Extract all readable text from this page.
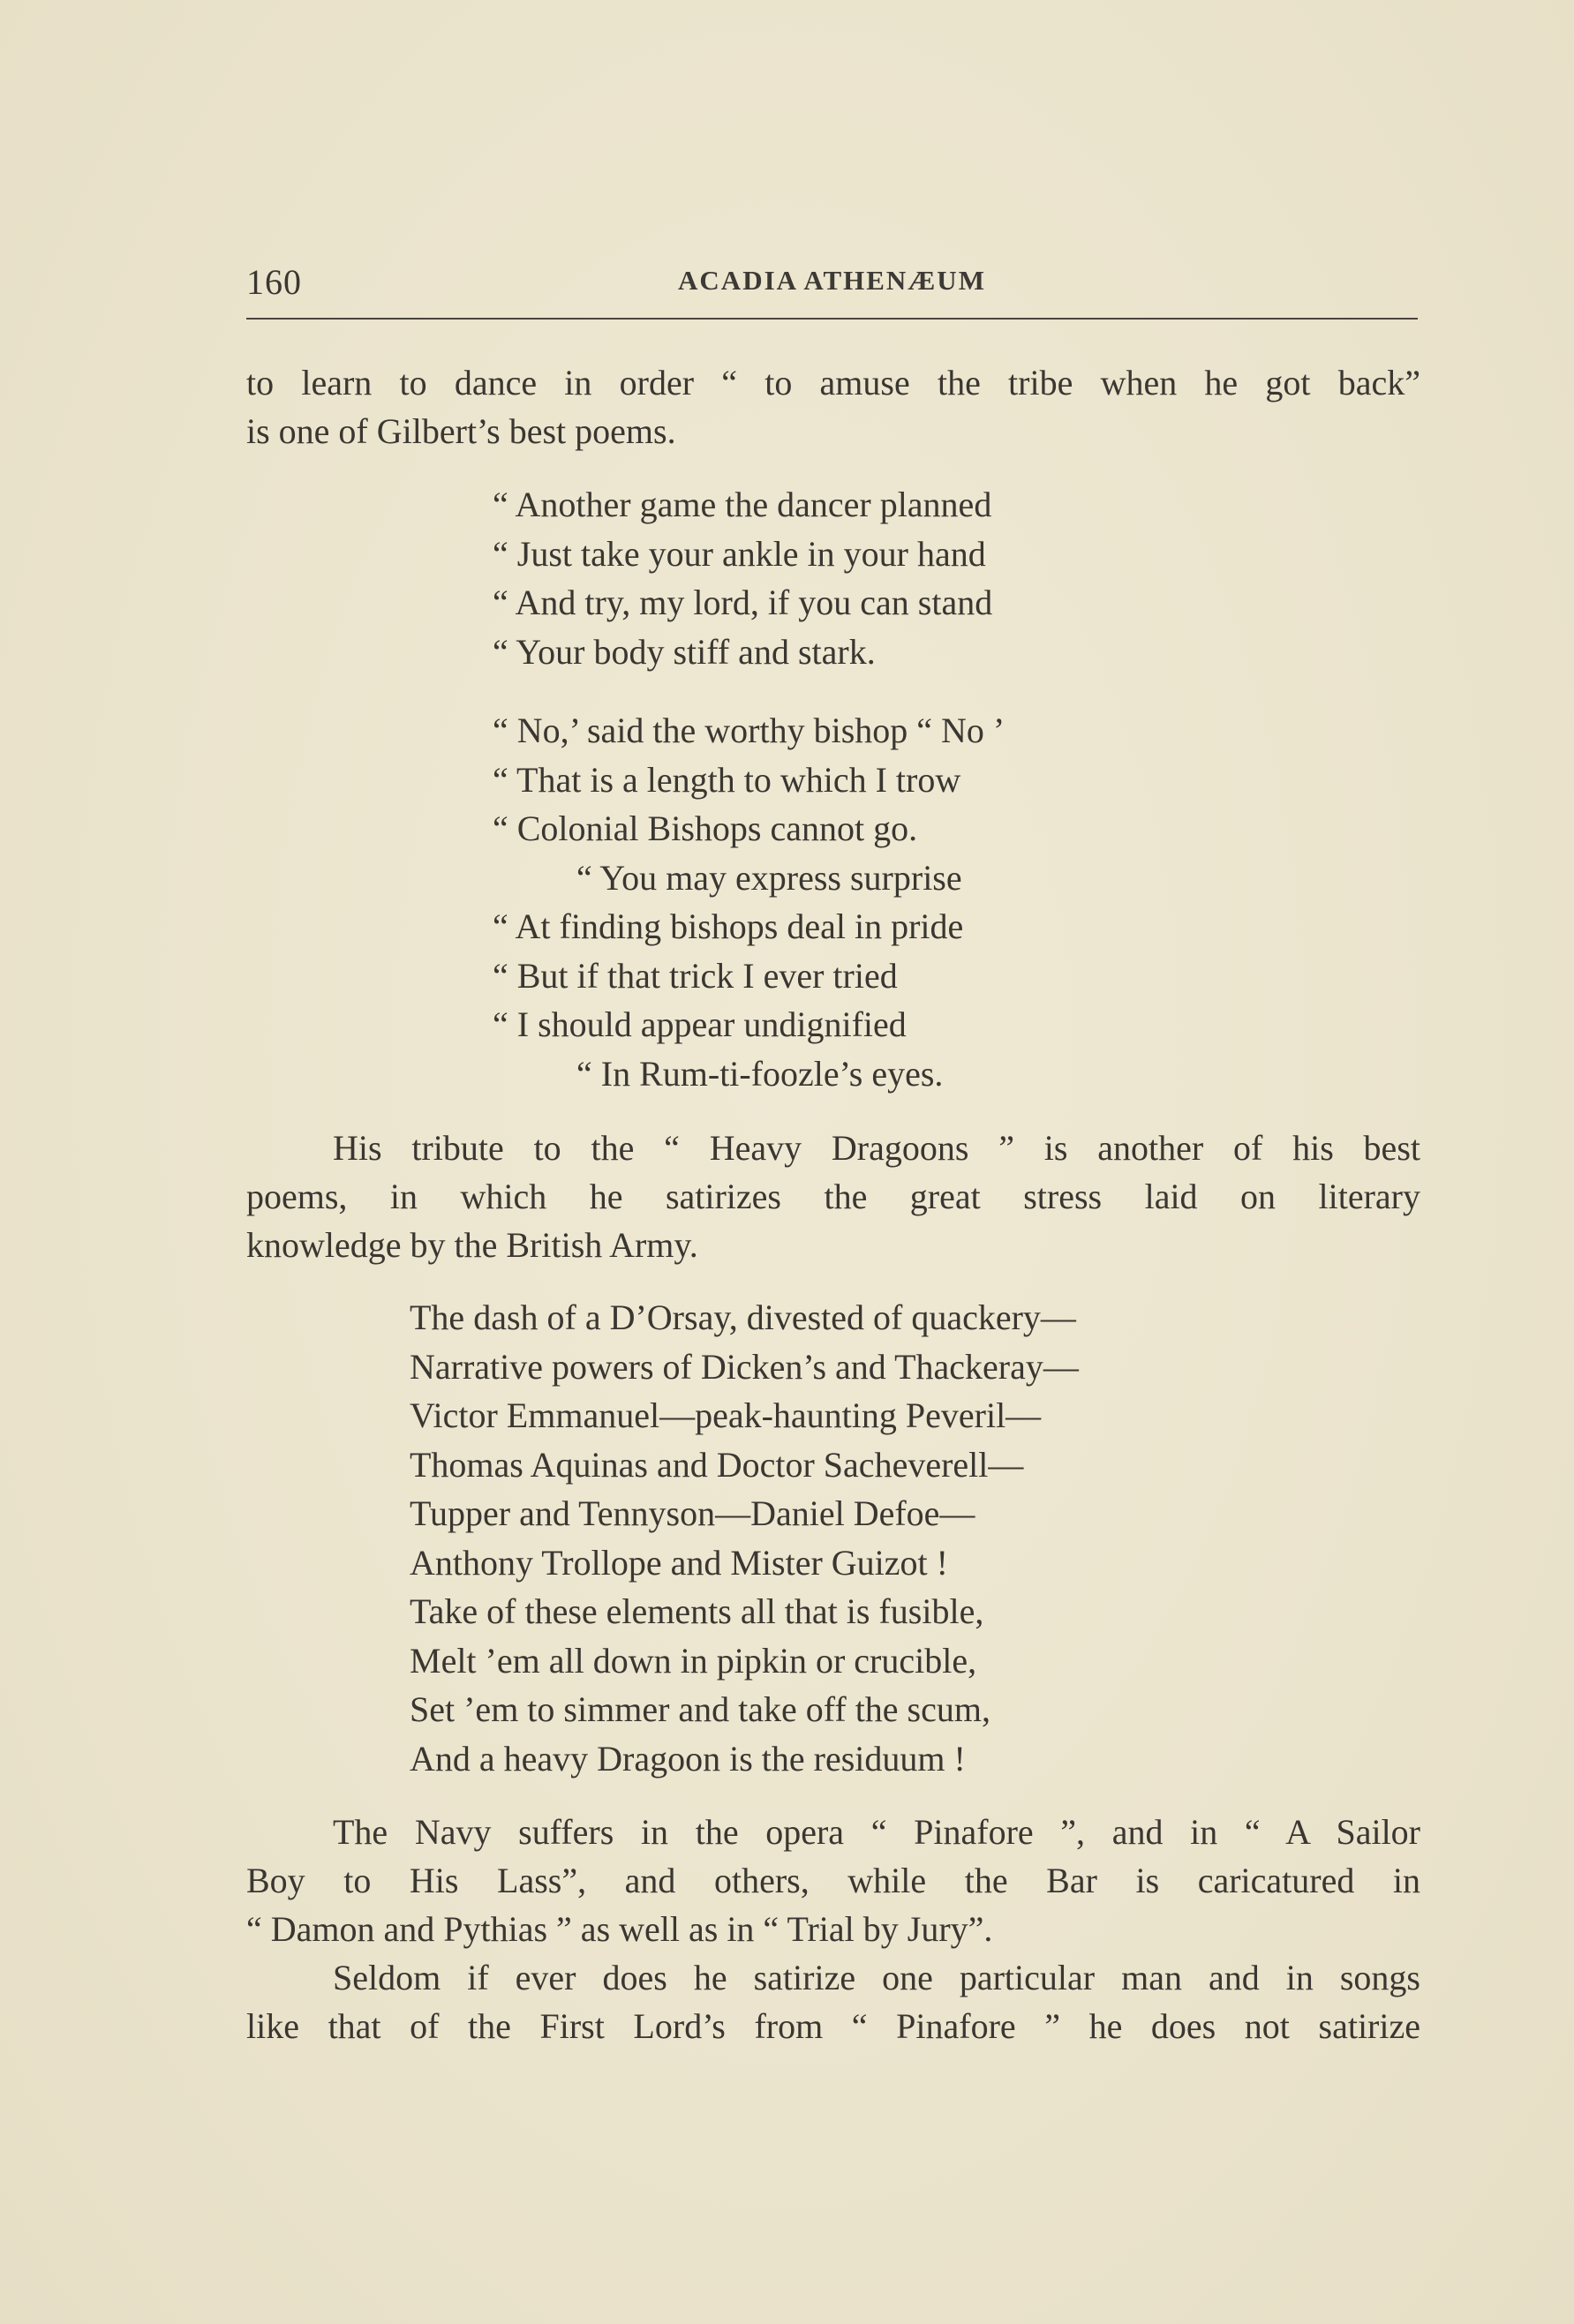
160	ACADIA ATHENÆUM
to learn to dance in order “ to amuse the tribe when he got back”
is one of Gilbert’s best poems.
“ Another game the dancer planned
“ Just take your ankle in your hand
“ And try, my lord, if you can stand
“ Your body stiff and stark.
“ No,’ said the worthy bishop “ No ’
“ That is a length to which I trow
“ Colonial Bishops cannot go.
“ You may express surprise
“ At finding bishops deal in pride
“ But if that trick I ever tried
“ I should appear undignified
“ In Rum-ti-foozle’s eyes.
His tribute to the “ Heavy Dragoons ” is another of his best
poems, in which he satirizes the great stress laid on literary
knowledge by the British Army.
The dash of a D’Orsay, divested of quackery—
Narrative powers of Dicken’s and Thackeray—
Victor Emmanuel—peak-haunting Peveril—
Thomas Aquinas and Doctor Sacheverell—
Tupper and Tennyson—Daniel Defoe—
Anthony Trollope and Mister Guizot !
Take of these elements all that is fusible,
Melt ’em all down in pipkin or crucible,
Set ’em to simmer and take off the scum,
And a heavy Dragoon is the residuum !
The Navy suffers in the opera “ Pinafore ”, and in “ A Sailor
Boy to His Lass”, and others, while the Bar is caricatured in
“ Damon and Pythias ” as well as in “ Trial by Jury”.
Seldom if ever does he satirize one particular man and in songs
like that of the First Lord’s from “ Pinafore ” he does not satirize
